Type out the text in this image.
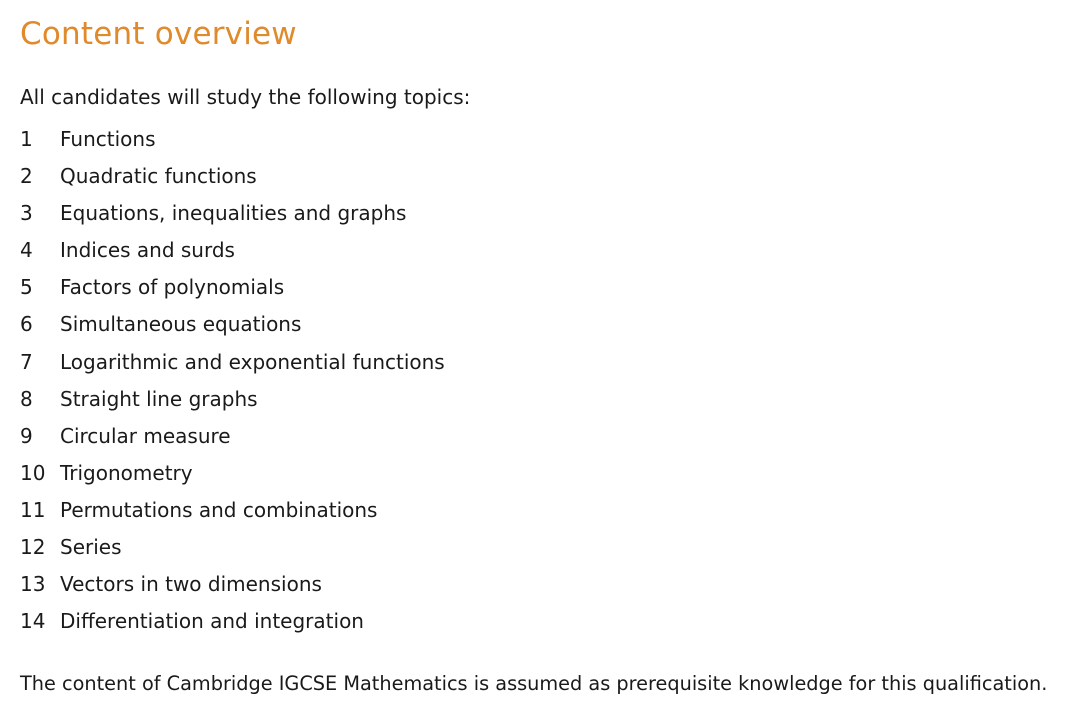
Content overview

All candidates will study the following topics:

1	Functions
2	Quadratic functions
3	Equations, inequalities and graphs
4	Indices and surds
5	Factors of polynomials
6	Simultaneous equations
7	Logarithmic and exponential functions
8	Straight line graphs
9	Circular measure
10 Trigonometry
11 Permutations and combinations
12 Series
13 Vectors in two dimensions
14 Differentiation and integration

The content of Cambridge IGCSE Mathematics is assumed as prerequisite knowledge for this qualification.
